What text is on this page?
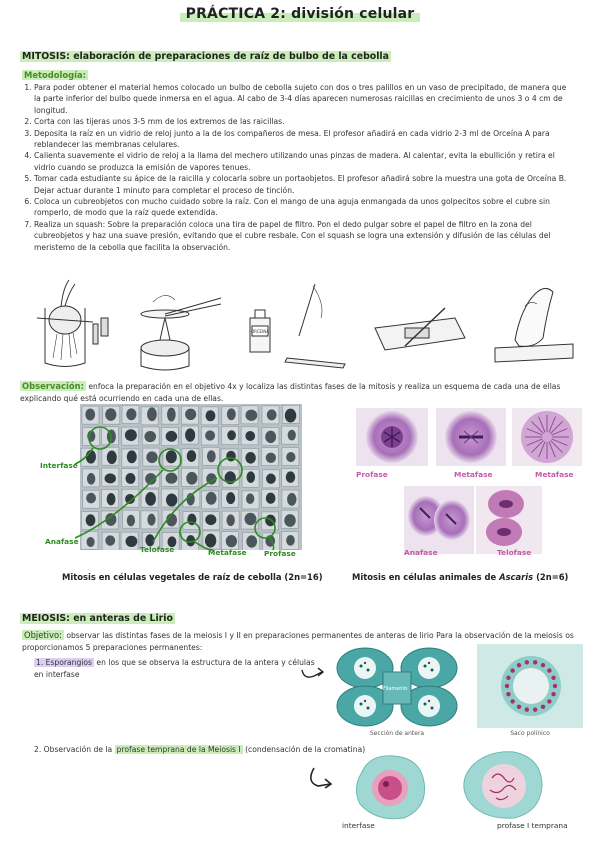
PRÁCTICA 2: división celular
MITOSIS: elaboración de preparaciones de raíz de bulbo de la cebolla
Metodología:
1. Para poder obtener el material hemos colocado un bulbo de cebolla sujeto con dos o tres palillos en un vaso de precipitado, de manera que la parte inferior del bulbo quede inmersa en el agua. Al cabo de 3-4 días aparecen numerosas raicillas en crecimiento de unos 3 o 4 cm de longitud.
2. Corta con las tijeras unos 3-5 mm de los extremos de las raicillas.
3. Deposita la raíz en un vidrio de reloj junto a la de los compañeros de mesa. El profesor añadirá en cada vidrio 2-3 ml de Orceína A para reblandecer las membranas celulares.
4. Calienta suavemente el vidrio de reloj a la llama del mechero utilizando unas pinzas de madera. Al calentar, evita la ebullición y retira el vidrio cuando se produzca la emisión de vapores tenues.
5. Tomar cada estudiante su ápice de la raicilla y colocarla sobre un portaobjetos. El profesor añadirá sobre la muestra una gota de Orceína B. Dejar actuar durante 1 minuto para completar el proceso de tinción.
6. Coloca un cubreobjetos con mucho cuidado sobre la raíz. Con el mango de una aguja enmangada da unos golpecitos sobre el cubre sin romperlo, de modo que la raíz quede extendida.
7. Realiza un squash: Sobre la preparación coloca una tira de papel de filtro. Pon el dedo pulgar sobre el papel de filtro en la zona del cubreobjetos y haz una suave presión, evitando que el cubre resbale. Con el squash se logra una extensión y difusión de las células del meristemo de la cebolla que facilita la observación.
ORCEINA
Observación: enfoca la preparación en el objetivo 4x y localiza las distintas fases de la mitosis y realiza un esquema de cada una de ellas explicando qué está ocurriendo en cada una de ellas.
Interfase
Anafase
Telofase	Metafase Profase
Mitosis en células vegetales de raíz de cebolla (2n=16)
Profase	Metafase	Metafase
Anafase	Telofase
Mitosis en células animales de Ascaris (2n=6)
MEIOSIS: en anteras de Lirio
Objetivo: observar las distintas fases de la meiosis I y II en preparaciones permanentes de anteras de lirio Para la observación de la meiosis os proporcionamos 5 preparaciones permanentes:
1. Esporangios en los que se observa la estructura de la antera y células en interfase
ANTERA
Filamento
Sección de antera	Saco polínico
2. Observación de la profase temprana de la Meiosis I (condensación de la cromatina)
interfase	profase I temprana
